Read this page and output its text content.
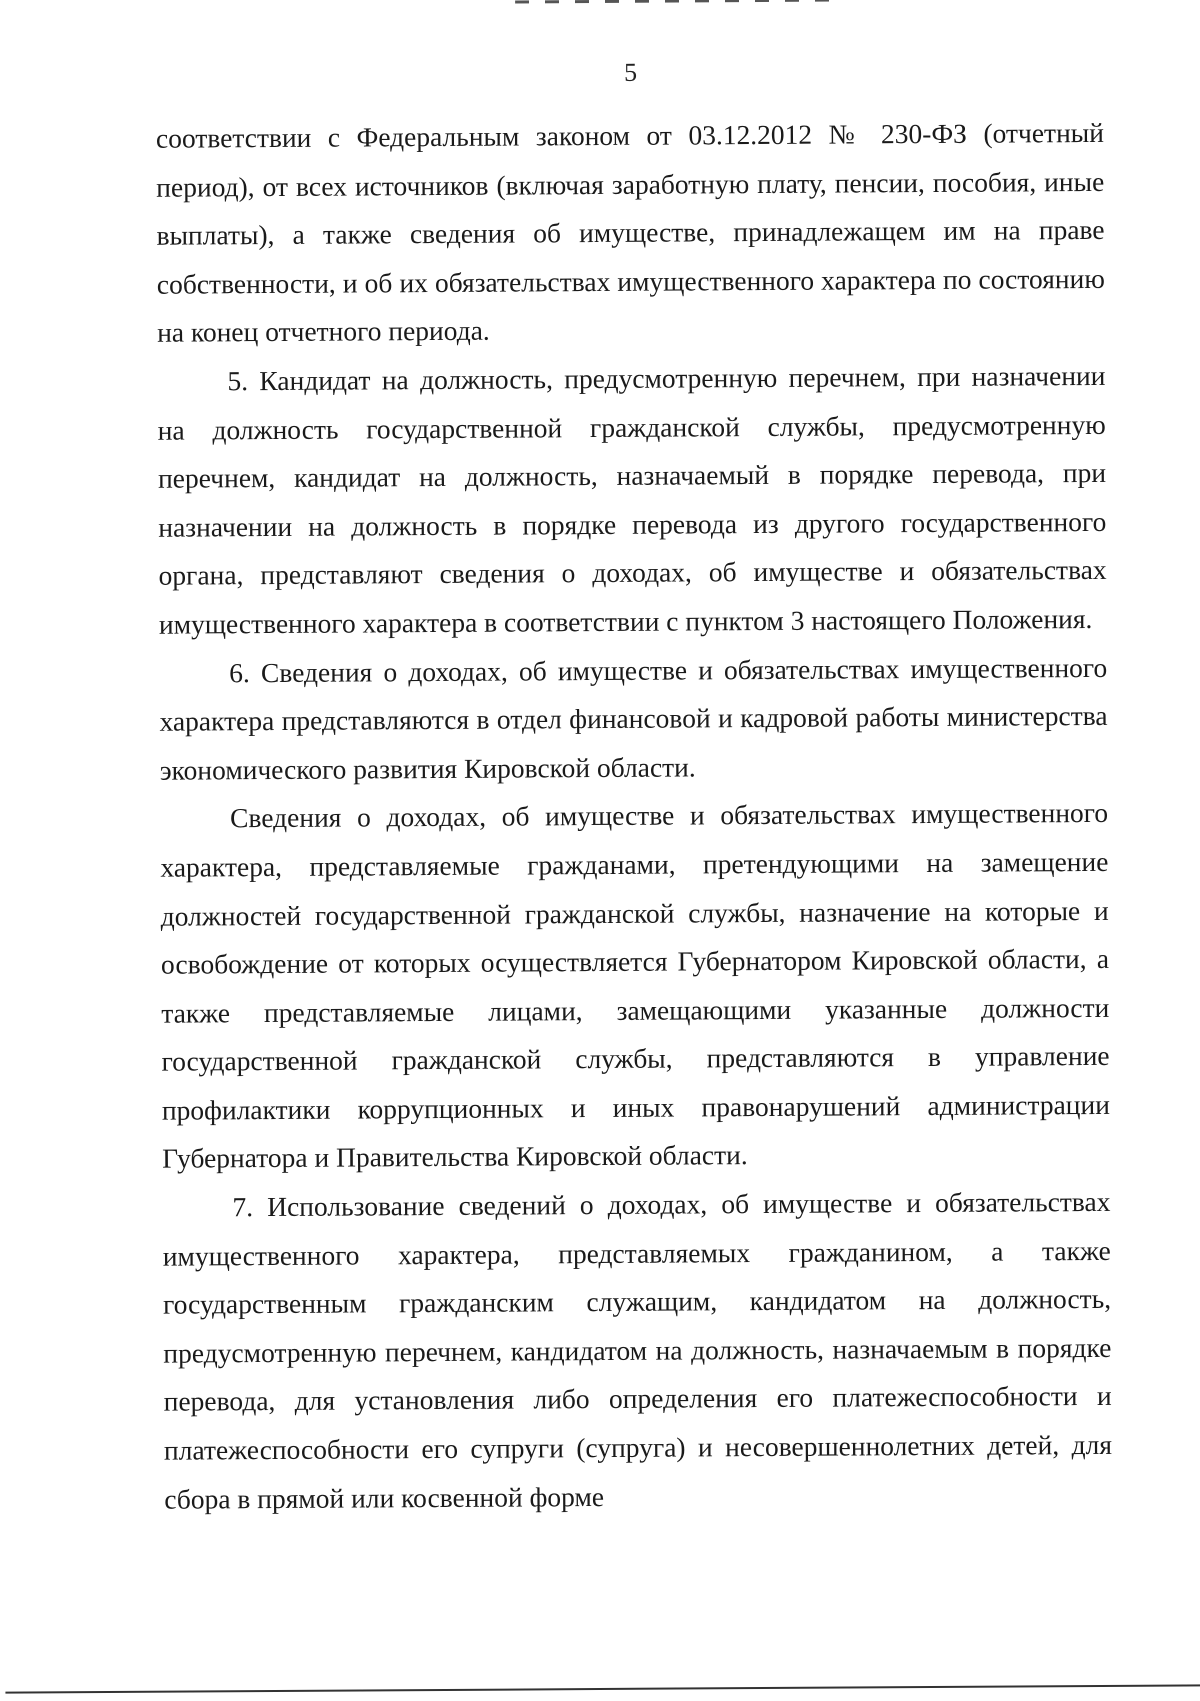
5

соответствии с Федеральным законом от 03.12.2012 № 230-ФЗ (отчетный период), от всех источников (включая заработную плату, пенсии, пособия, иные выплаты), а также сведения об имуществе, принадлежащем им на праве собственности, и об их обязательствах имущественного характера по состоянию на конец отчетного периода.

5. Кандидат на должность, предусмотренную перечнем, при назначении на должность государственной гражданской службы, предусмотренную перечнем, кандидат на должность, назначаемый в порядке перевода, при назначении на должность в порядке перевода из другого государственного органа, представляют сведения о доходах, об имуществе и обязательствах имущественного характера в соответствии с пунктом 3 настоящего Положения.

6. Сведения о доходах, об имуществе и обязательствах имущественного характера представляются в отдел финансовой и кадровой работы министерства экономического развития Кировской области.

Сведения о доходах, об имуществе и обязательствах имущественного характера, представляемые гражданами, претендующими на замещение должностей государственной гражданской службы, назначение на которые и освобождение от которых осуществляется Губернатором Кировской области, а также представляемые лицами, замещающими указанные должности государственной гражданской службы, представляются в управление профилактики коррупционных и иных правонарушений администрации Губернатора и Правительства Кировской области.

7. Использование сведений о доходах, об имуществе и обязательствах имущественного характера, представляемых гражданином, а также государственным гражданским служащим, кандидатом на должность, предусмотренную перечнем, кандидатом на должность, назначаемым в порядке перевода, для установления либо определения его платежеспособности и платежеспособности его супруги (супруга) и несовершеннолетних детей, для сбора в прямой или косвенной форме
